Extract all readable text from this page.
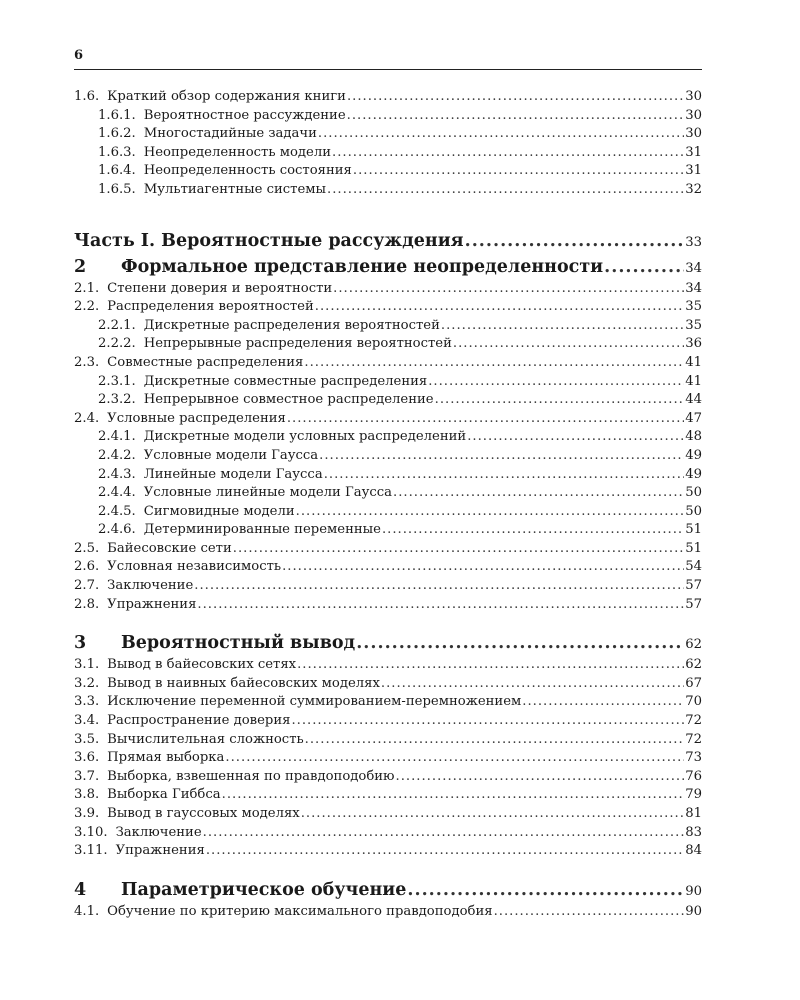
6
1.6. Краткий обзор содержания книги .....	30
1.6.1. Вероятностное рассуждение .....	30
1.6.2. Многостадийные задачи .....	30
1.6.3. Неопределенность модели .....	31
1.6.4. Неопределенность состояния .....	31
1.6.5. Мультиагентные системы .....	32
Часть I. Вероятностные рассуждения .....	33
2	Формальное представление неопределенности .....	34
2.1. Степени доверия и вероятности .....	34
2.2. Распределения вероятностей .....	35
2.2.1. Дискретные распределения вероятностей .....	35
2.2.2. Непрерывные распределения вероятностей .....	36
2.3. Совместные распределения .....	41
2.3.1. Дискретные совместные распределения .....	41
2.3.2. Непрерывное совместное распределение .....	44
2.4. Условные распределения .....	47
2.4.1. Дискретные модели условных распределений .....	48
2.4.2. Условные модели Гаусса .....	49
2.4.3. Линейные модели Гаусса .....	49
2.4.4. Условные линейные модели Гаусса .....	50
2.4.5. Сигмовидные модели .....	50
2.4.6. Детерминированные переменные .....	51
2.5. Байесовские сети .....	51
2.6. Условная независимость .....	54
2.7. Заключение .....	57
2.8. Упражнения .....	57
3	Вероятностный вывод .....	62
3.1. Вывод в байесовских сетях .....	62
3.2. Вывод в наивных байесовских моделях .....	67
3.3. Исключение переменной суммированием-перемножением .....	70
3.4. Распространение доверия .....	72
3.5. Вычислительная сложность .....	72
3.6. Прямая выборка .....	73
3.7. Выборка, взвешенная по правдоподобию .....	76
3.8. Выборка Гиббса .....	79
3.9. Вывод в гауссовых моделях .....	81
3.10. Заключение .....	83
3.11. Упражнения .....	84
4	Параметрическое обучение .....	90
4.1. Обучение по критерию максимального правдоподобия .....	90
